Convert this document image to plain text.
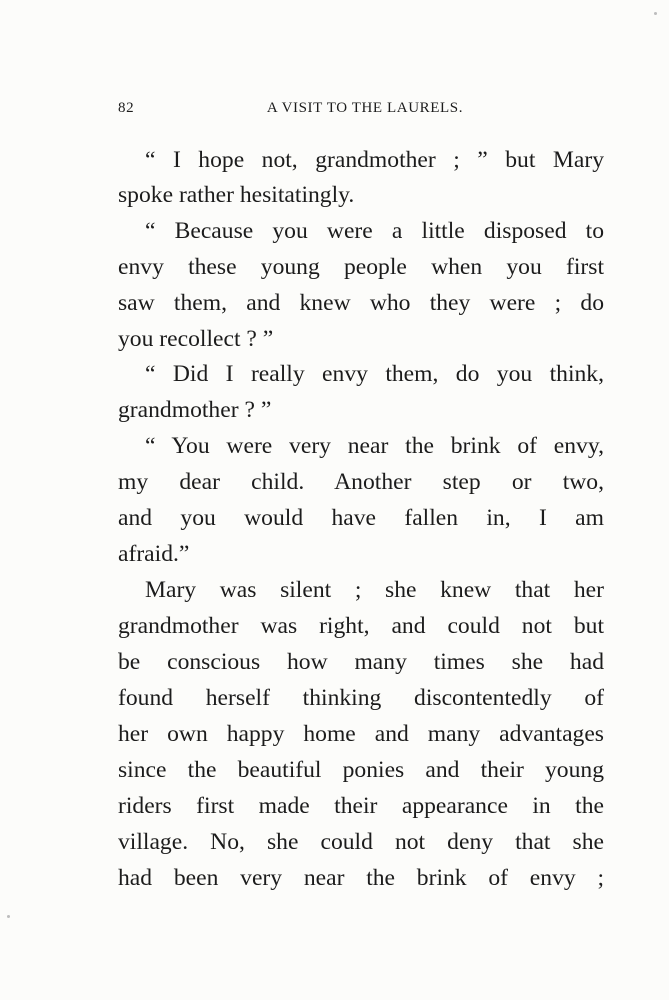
82	A VISIT TO THE LAURELS.
“ I hope not, grandmother ; ” but Mary
spoke rather hesitatingly.
“ Because you were a little disposed to
envy these young people when you first
saw them, and knew who they were ; do
you recollect ? ”
“ Did I really envy them, do you think,
grandmother ? ”
“ You were very near the brink of envy,
my dear child. Another step or two,
and you would have fallen in, I am
afraid.”
Mary was silent ; she knew that her
grandmother was right, and could not but
be conscious how many times she had
found herself thinking discontentedly of
her own happy home and many advantages
since the beautiful ponies and their young
riders first made their appearance in the
village. No, she could not deny that she
had been very near the brink of envy ;
